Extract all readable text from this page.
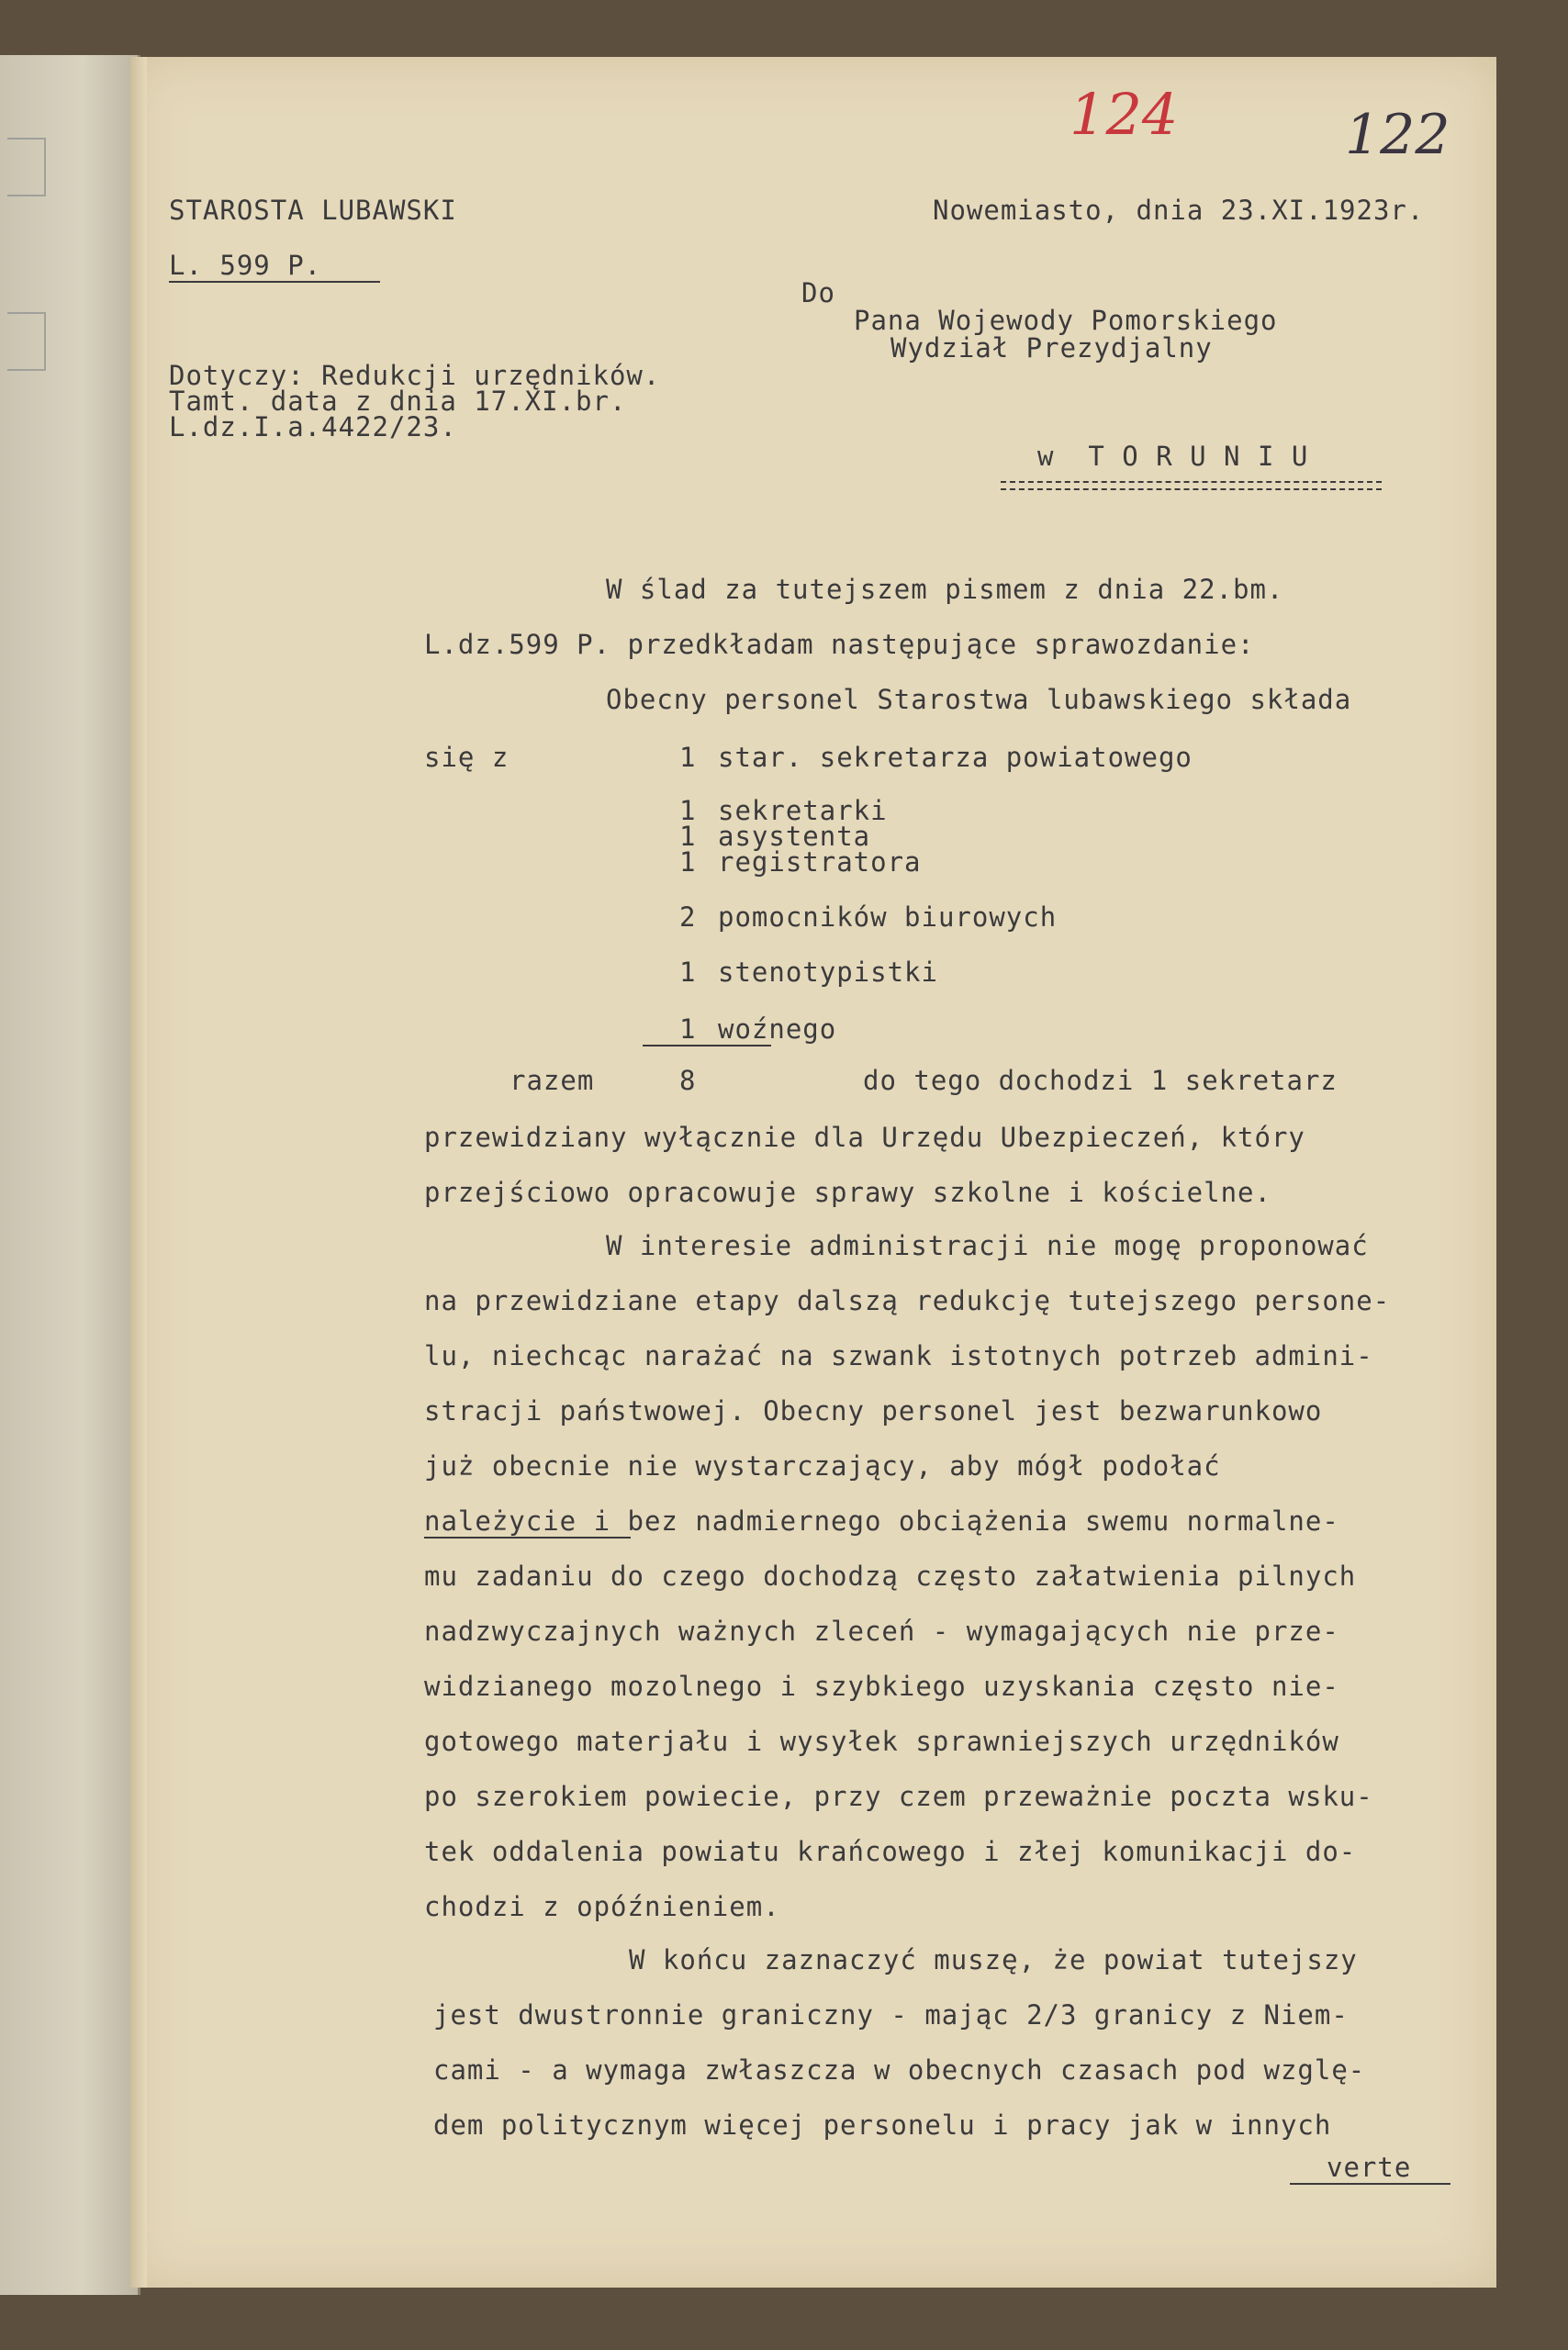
124	122
STAROSTA LUBAWSKI	Nowemiasto, dnia 23.XI.1923r.
L. 599 P.
Do
Pana Wojewody Pomorskiego
Wydział Prezydjalny
Dotyczy: Redukcji urzędników.
Tamt. data z dnia 17.XI.br.
L.dz.I.a.4422/23.
w  T O R U N I U
W ślad za tutejszem pismem z dnia 22.bm.
L.dz.599 P. przedkładam następujące sprawozdanie:
Obecny personel Starostwa lubawskiego składa
się z	1 star. sekretarza powiatowego
1 sekretarki
1 asystenta
1 registratora
2 pomocników biurowych
1 stenotypistki
1 woźnego
razem	8	do tego dochodzi 1 sekretarz
przewidziany wyłącznie dla Urzędu Ubezpieczeń, który
przejściowo opracowuje sprawy szkolne i kościelne.
W interesie administracji nie mogę proponować
na przewidziane etapy dalszą redukcję tutejszego persone-
lu, niechcąc narażać na szwank istotnych potrzeb admini-
stracji państwowej. Obecny personel jest bezwarunkowo
już obecnie nie wystarczający, aby mógł podołać
należycie i bez nadmiernego obciążenia swemu normalne-
mu zadaniu do czego dochodzą często załatwienia pilnych
nadzwyczajnych ważnych zleceń - wymagających nie prze-
widzianego mozolnego i szybkiego uzyskania często nie-
gotowego materjału i wysyłek sprawniejszych urzędników
po szerokiem powiecie, przy czem przeważnie poczta wsku-
tek oddalenia powiatu krańcowego i złej komunikacji do-
chodzi z opóźnieniem.
W końcu zaznaczyć muszę, że powiat tutejszy
jest dwustronnie graniczny - mając 2/3 granicy z Niem-
cami - a wymaga zwłaszcza w obecnych czasach pod wzglę-
dem politycznym więcej personelu i pracy jak w innych
verte
